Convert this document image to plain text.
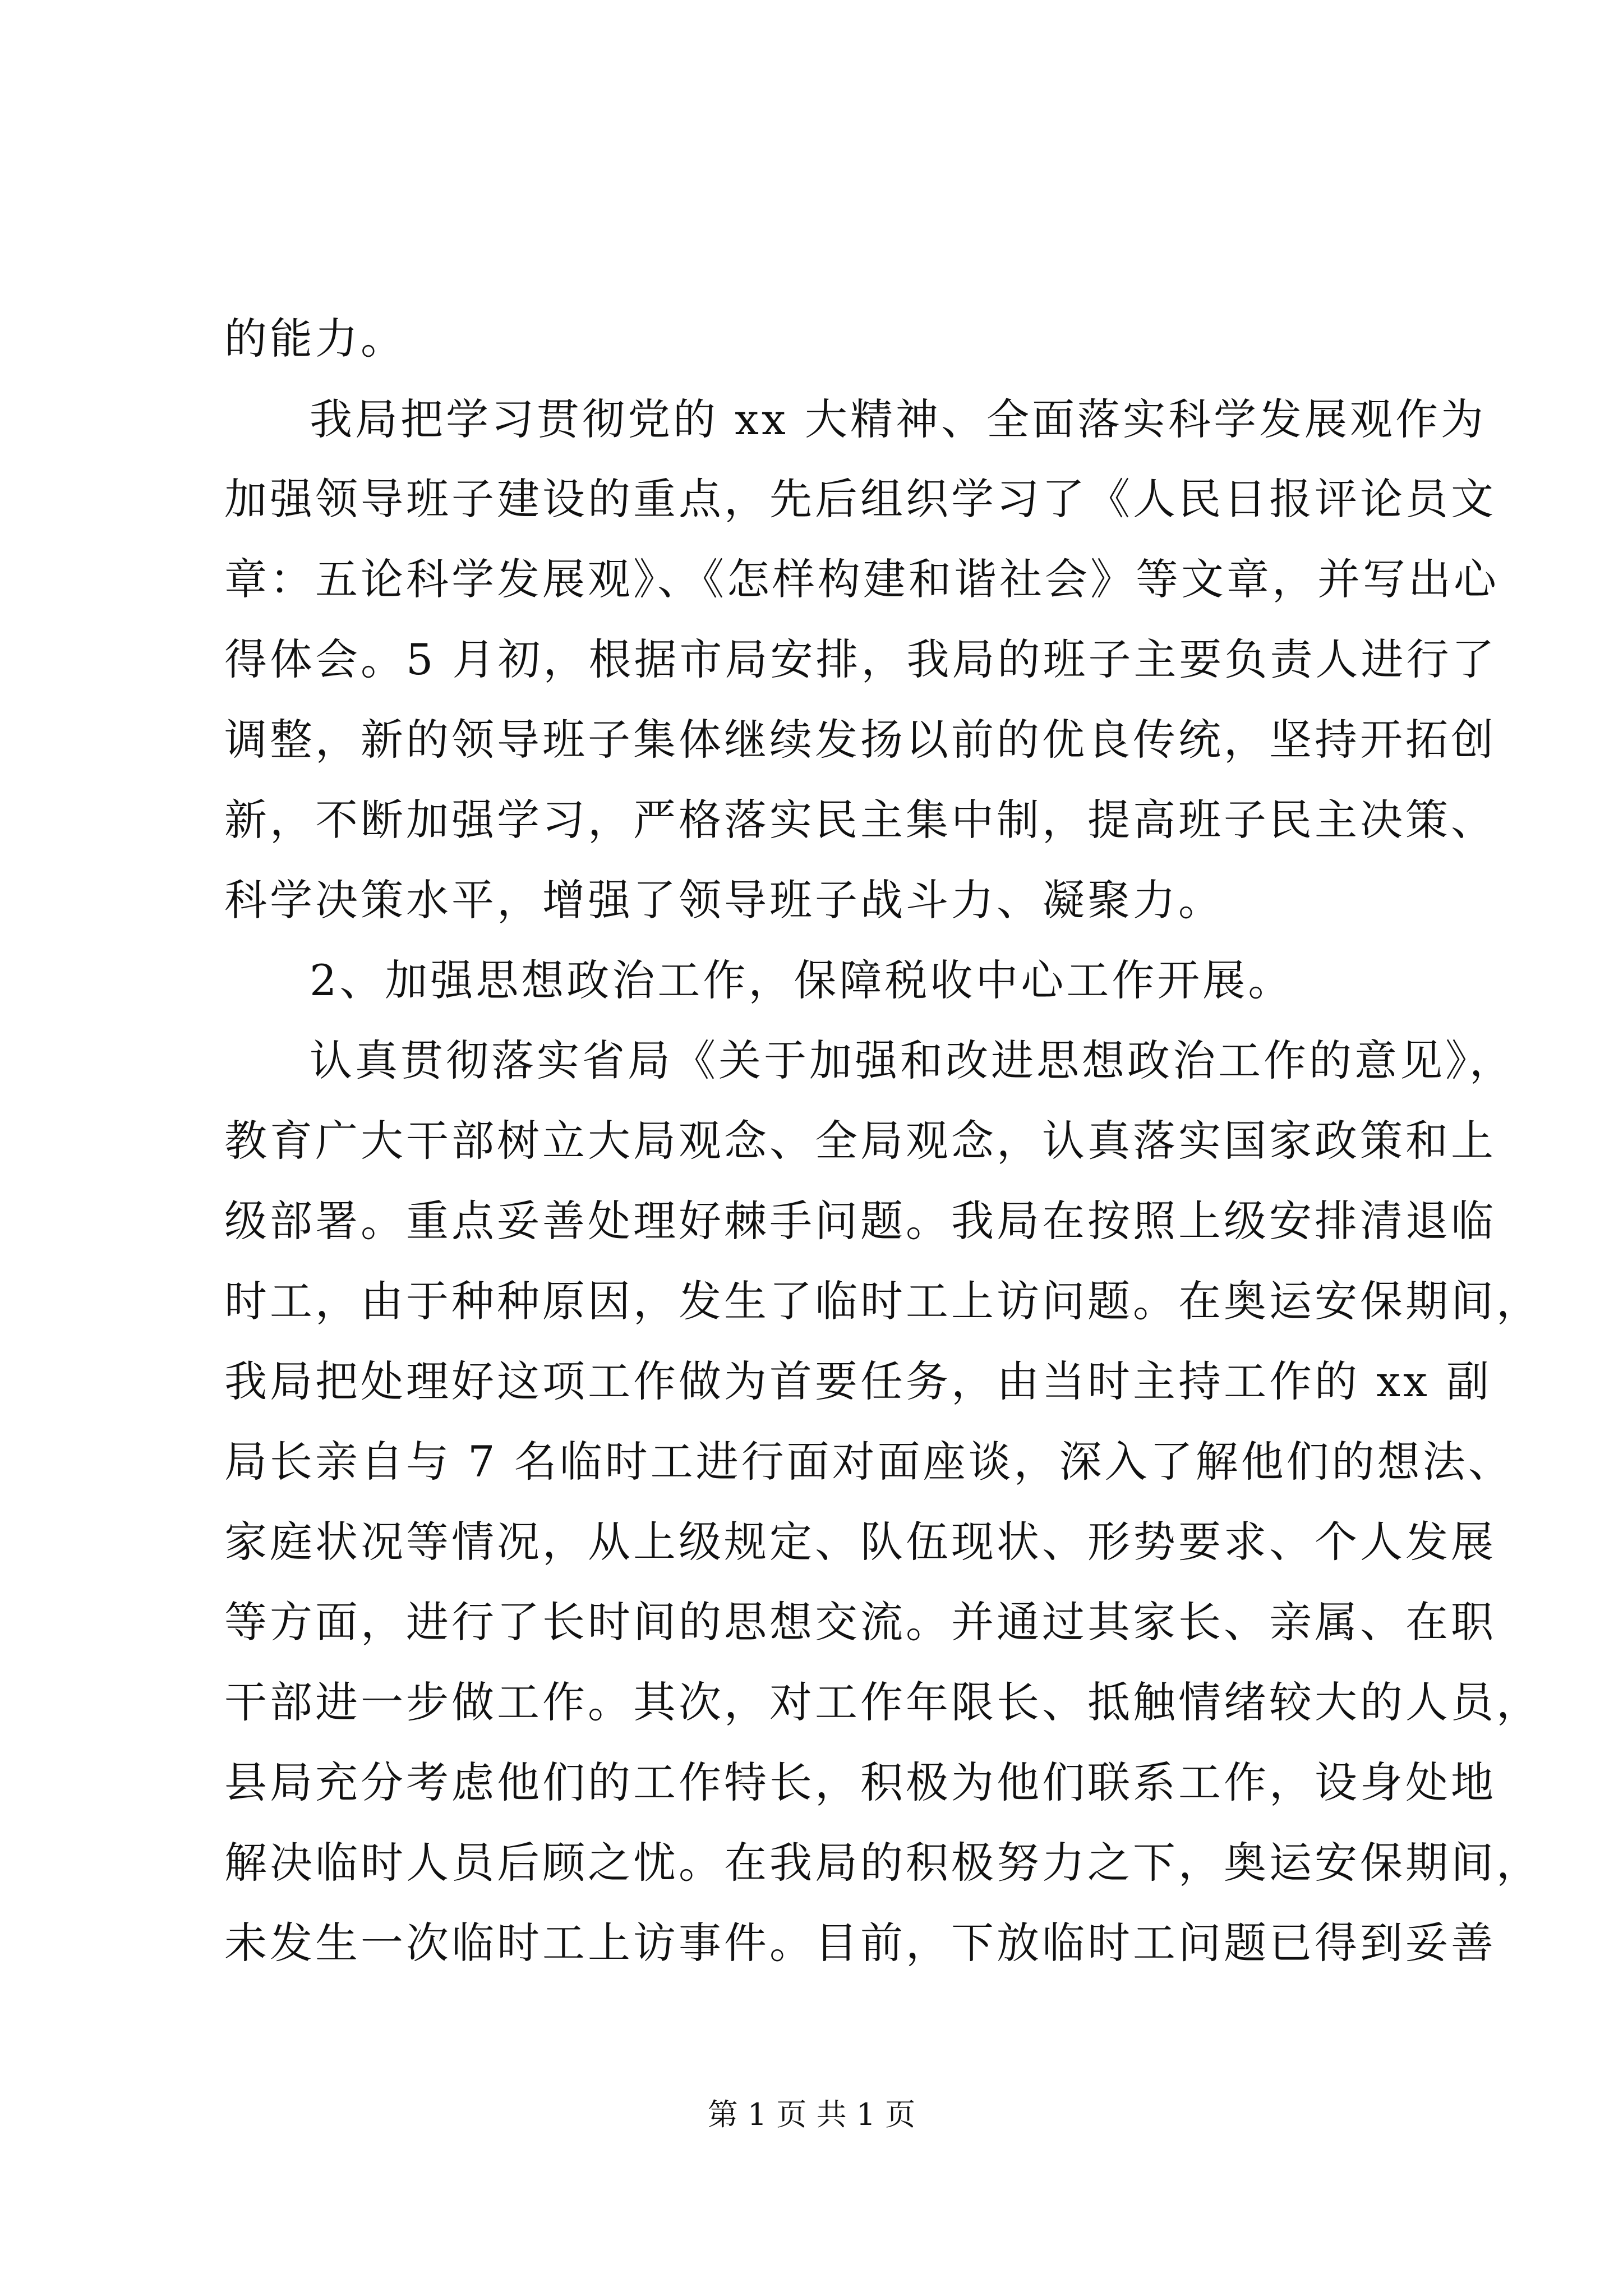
的能力。
我局把学习贯彻党的 xx 大精神、全面落实科学发展观作为
加强领导班子建设的重点，先后组织学习了《人民日报评论员文
章：五论科学发展观》、《怎样构建和谐社会》等文章，并写出心
得体会。5 月初，根据市局安排，我局的班子主要负责人进行了
调整，新的领导班子集体继续发扬以前的优良传统，坚持开拓创
新，不断加强学习，严格落实民主集中制，提高班子民主决策、
科学决策水平，增强了领导班子战斗力、凝聚力。
2、加强思想政治工作，保障税收中心工作开展。
认真贯彻落实省局《关于加强和改进思想政治工作的意见》，
教育广大干部树立大局观念、全局观念，认真落实国家政策和上
级部署。重点妥善处理好棘手问题。我局在按照上级安排清退临
时工，由于种种原因，发生了临时工上访问题。在奥运安保期间，
我局把处理好这项工作做为首要任务，由当时主持工作的 xx 副
局长亲自与 7 名临时工进行面对面座谈，深入了解他们的想法、
家庭状况等情况，从上级规定、队伍现状、形势要求、个人发展
等方面，进行了长时间的思想交流。并通过其家长、亲属、在职
干部进一步做工作。其次，对工作年限长、抵触情绪较大的人员，
县局充分考虑他们的工作特长，积极为他们联系工作，设身处地
解决临时人员后顾之忧。在我局的积极努力之下，奥运安保期间，
未发生一次临时工上访事件。目前，下放临时工问题已得到妥善
第 1 页 共 1 页
